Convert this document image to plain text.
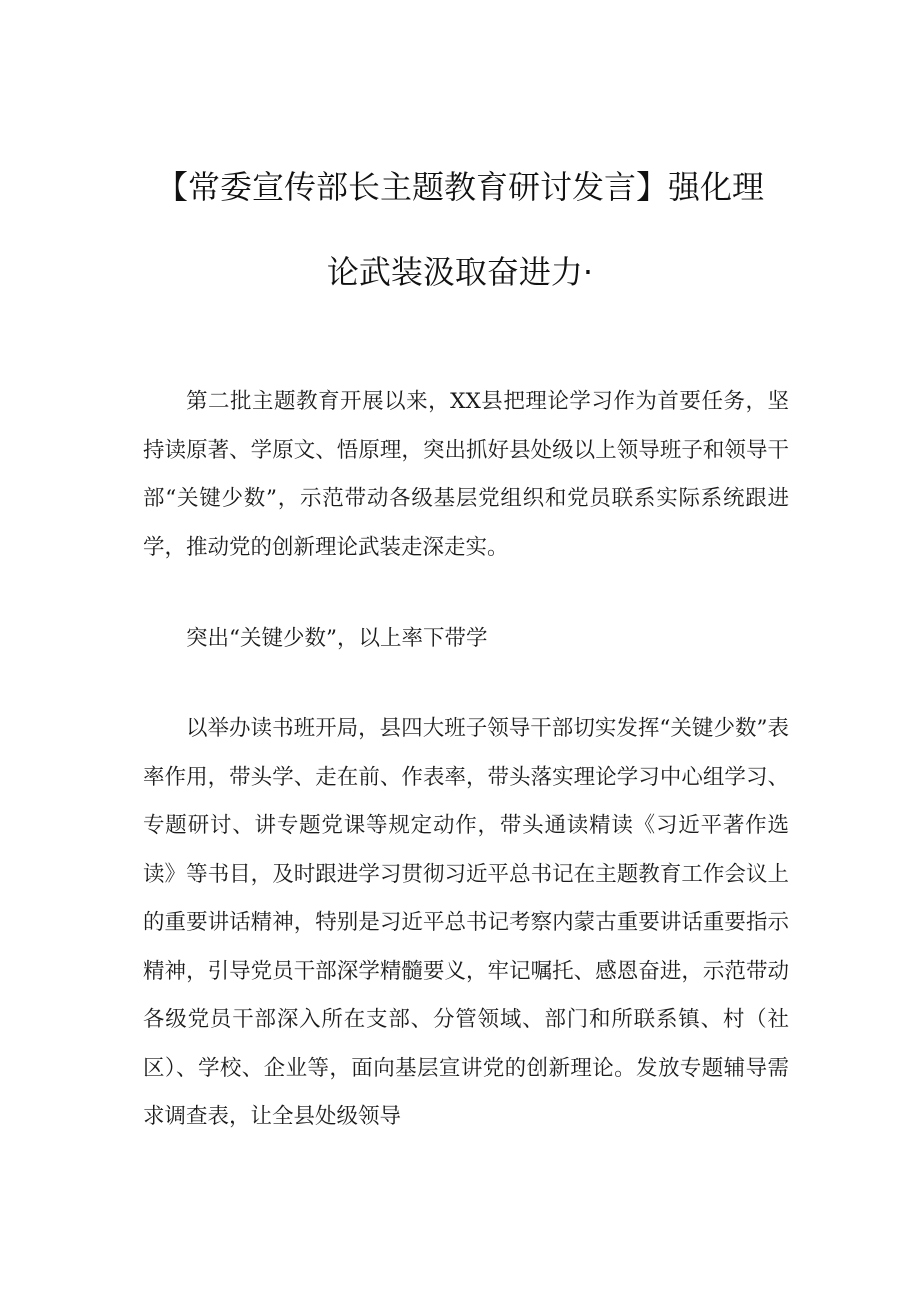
【常委宣传部长主题教育研讨发言】强化理
论武装汲取奋进力·

第二批主题教育开展以来，XX县把理论学习作为首要任务，坚持读原著、学原文、悟原理，突出抓好县处级以上领导班子和领导干部“关键少数”，示范带动各级基层党组织和党员联系实际系统跟进学，推动党的创新理论武装走深走实。

突出“关键少数”，以上率下带学

以举办读书班开局，县四大班子领导干部切实发挥“关键少数”表率作用，带头学、走在前、作表率，带头落实理论学习中心组学习、专题研讨、讲专题党课等规定动作，带头通读精读《习近平著作选读》等书目，及时跟进学习贯彻习近平总书记在主题教育工作会议上的重要讲话精神，特别是习近平总书记考察内蒙古重要讲话重要指示精神，引导党员干部深学精髓要义，牢记嘱托、感恩奋进，示范带动各级党员干部深入所在支部、分管领域、部门和所联系镇、村（社区）、学校、企业等，面向基层宣讲党的创新理论。发放专题辅导需求调查表，让全县处级领导
